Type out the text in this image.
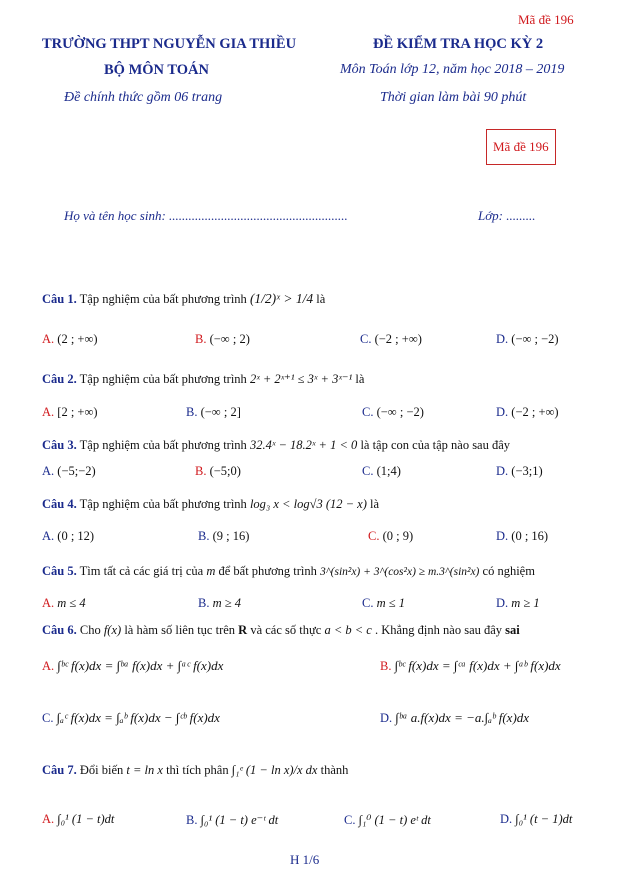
Mã đề 196
TRƯỜNG THPT NGUYỄN GIA THIỀU	ĐỀ KIỂM TRA HỌC KỲ 2
BỘ MÔN TOÁN	Môn Toán lớp 12, năm học 2018 – 2019
Đề chính thức gồm 06 trang	Thời gian làm bài 90 phút
Mã đề 196
Họ và tên học sinh: .......................................................	Lớp: .........
Câu 1. Tập nghiệm của bất phương trình (1/2)ˣ > 1/4 là
A. (2 ; +∞)	B. (−∞ ; 2)	C. (−2 ; +∞)	D. (−∞ ; −2)
Câu 2. Tập nghiệm của bất phương trình 2ˣ + 2ˣ⁺¹ ≤ 3ˣ + 3ˣ⁻¹ là
A. [2 ; +∞)	B. (−∞ ; 2]	C. (−∞ ; −2)	D. (−2 ; +∞)
Câu 3. Tập nghiệm của bất phương trình 32.4ˣ − 18.2ˣ + 1 < 0 là tập con của tập nào sau đây
A. (−5;−2)	B. (−5;0)	C. (1;4)	D. (−3;1)
Câu 4. Tập nghiệm của bất phương trình log₃ x < log√3 (12 − x) là
A. (0 ; 12)	B. (9 ; 16)	C. (0 ; 9)	D. (0 ; 16)
Câu 5. Tìm tất cả các giá trị của m để bất phương trình 3^(sin²x) + 3^(cos²x) ≥ m.3^(sin²x) có nghiệm
A. m ≤ 4	B. m ≥ 4	C. m ≤ 1	D. m ≥ 1
Câu 6. Cho f(x) là hàm số liên tục trên R và các số thực a < b < c . Khẳng định nào sau đây sai
A. ∫ᵇᶜ f(x)dx = ∫ᵇᵃ f(x)dx + ∫ᵃᶜ f(x)dx	B. ∫ᵇᶜ f(x)dx = ∫ᶜᵃ f(x)dx + ∫ᵃᵇ f(x)dx
C. ∫ₐᶜ f(x)dx = ∫ₐᵇ f(x)dx − ∫ᶜᵇ f(x)dx	D. ∫ᵇᵃ a.f(x)dx = −a.∫ₐᵇ f(x)dx
Câu 7. Đổi biến t = ln x thì tích phân ∫₁ᵉ (1 − ln x)/x dx thành
A. ∫₀¹ (1 − t)dt	B. ∫₀¹ (1 − t) e⁻ᵗ dt	C. ∫₁⁰ (1 − t) eᵗ dt	D. ∫₀¹ (t − 1)dt
H 1/6
